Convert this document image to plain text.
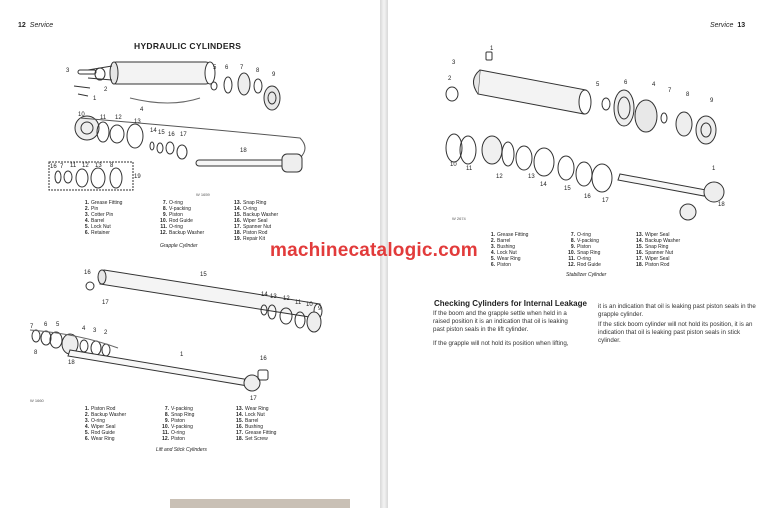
12 Service
HYDRAULIC CYLINDERS
3
2
1
4
5 6 7 8
9
10	11 12
13
14 15 16 17
18
19
16 7 11 12 13 8
W 1659
1. Grease Fitting
2. Pin
3. Cotter Pin
4. Barrel
5. Lock Nut
6. Retainer
7. O-ring
8. V-packing
9. Piston
10. Rod Guide
11. O-ring
12. Backup Washer
13. Snap Ring
14. O-ring
15. Backup Washer
16. Wiper Seal
17. Spanner Nut
18. Piston Rod
19. Repair Kit
Grapple Cylinder
16	15
17
14 13 12
11 10
9
7 6 5
4 3 2
8
18
1
16
17
W 1660
1. Piston Rod
2. Backup Washer
3. O-ring
4. Wiper Seal
5. Rod Guide
6. Wear Ring
7. V-packing
8. Snap Ring
9. Piston
10. V-packing
11. O-ring
12. Piston
13. Wear Ring
14. Lock Nut
15. Barrel
16. Bushing
17. Grease Fitting
18. Set Screw
Lift and Stick Cylinders
Service 13
1
3
2
5	6	4
7
8
9
10
11
12	13
14
15
16
17
18
1
W 2674
1. Grease Fitting
2. Barrel
3. Bushing
4. Lock Nut
5. Wear Ring
6. Piston
7. O-ring
8. V-packing
9. Piston
10. Snap Ring
11. O-ring
12. Rod Guide
13. Wiper Seal
14. Backup Washer
15. Snap Ring
16. Spanner Nut
17. Wiper Seal
18. Piston Rod
Stabilizer Cylinder
If the boom and the grapple settle when held in a raised position it is an indication that oil is leaking past piston seals in the lift cylinder.
If the grapple will not hold its position when lifting,
it is an indication that oil is leaking past piston seals in the grapple cylinder.
If the stick boom cylinder will not hold its position, it is an indication that oil is leaking past piston seals in stick cylinder.
Checking Cylinders for Internal Leakage
machinecatalogic.com
